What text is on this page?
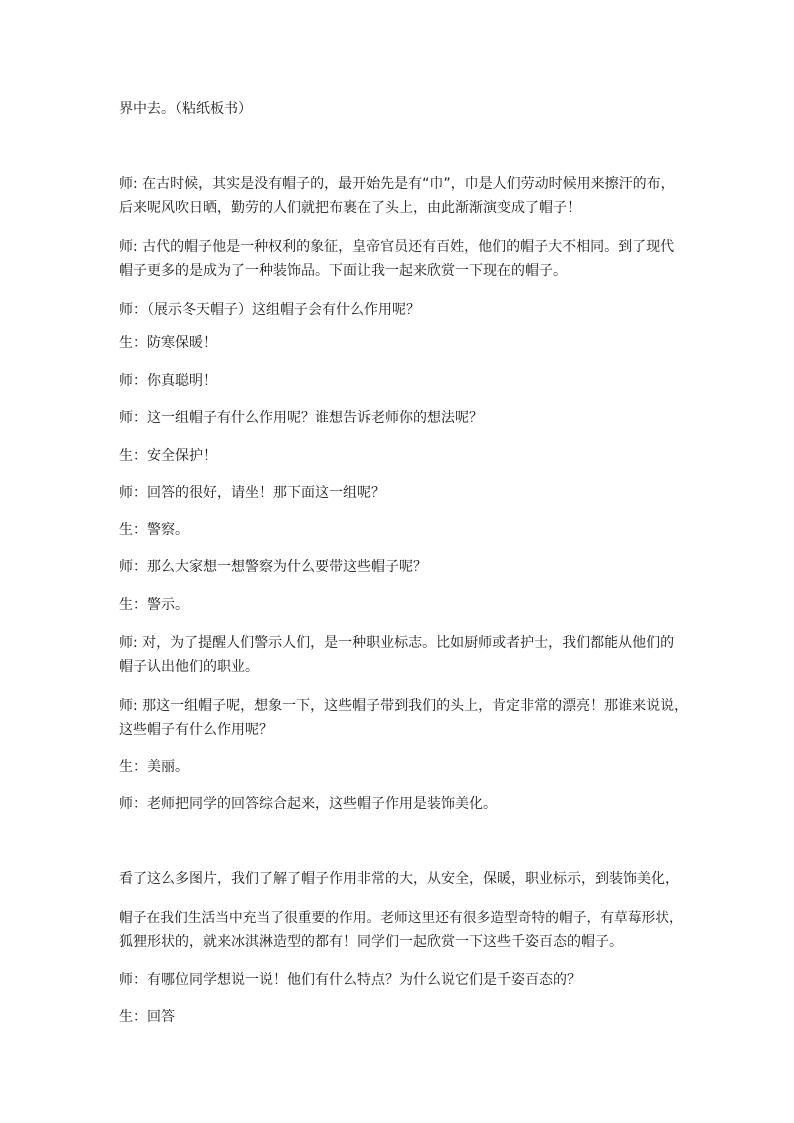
界中去。（粘纸板书）
师: 在古时候，其实是没有帽子的，最开始先是有“巾”，巾是人们劳动时候用来擦汗的布，
后来呢风吹日晒，勤劳的人们就把布裹在了头上，由此渐渐演变成了帽子！
师: 古代的帽子他是一种权利的象征，皇帝官员还有百姓，他们的帽子大不相同。到了现代
帽子更多的是成为了一种装饰品。下面让我一起来欣赏一下现在的帽子。
师：（展示冬天帽子）这组帽子会有什么作用呢？
生：防寒保暖！
师：你真聪明！
师：这一组帽子有什么作用呢？谁想告诉老师你的想法呢？
生：安全保护！
师：回答的很好，请坐！那下面这一组呢？
生：警察。
师：那么大家想一想警察为什么要带这些帽子呢？
生：警示。
师: 对，为了提醒人们警示人们，是一种职业标志。比如厨师或者护士，我们都能从他们的
帽子认出他们的职业。
师: 那这一组帽子呢，想象一下，这些帽子带到我们的头上，肯定非常的漂亮！那谁来说说，
这些帽子有什么作用呢？
生：美丽。
师：老师把同学的回答综合起来，这些帽子作用是装饰美化。
看了这么多图片，我们了解了帽子作用非常的大，从安全，保暖，职业标示，到装饰美化，
帽子在我们生活当中充当了很重要的作用。老师这里还有很多造型奇特的帽子，有草莓形状，
狐狸形状的，就来冰淇淋造型的都有！同学们一起欣赏一下这些千姿百态的帽子。
师：有哪位同学想说一说！他们有什么特点？为什么说它们是千姿百态的？
生：回答
